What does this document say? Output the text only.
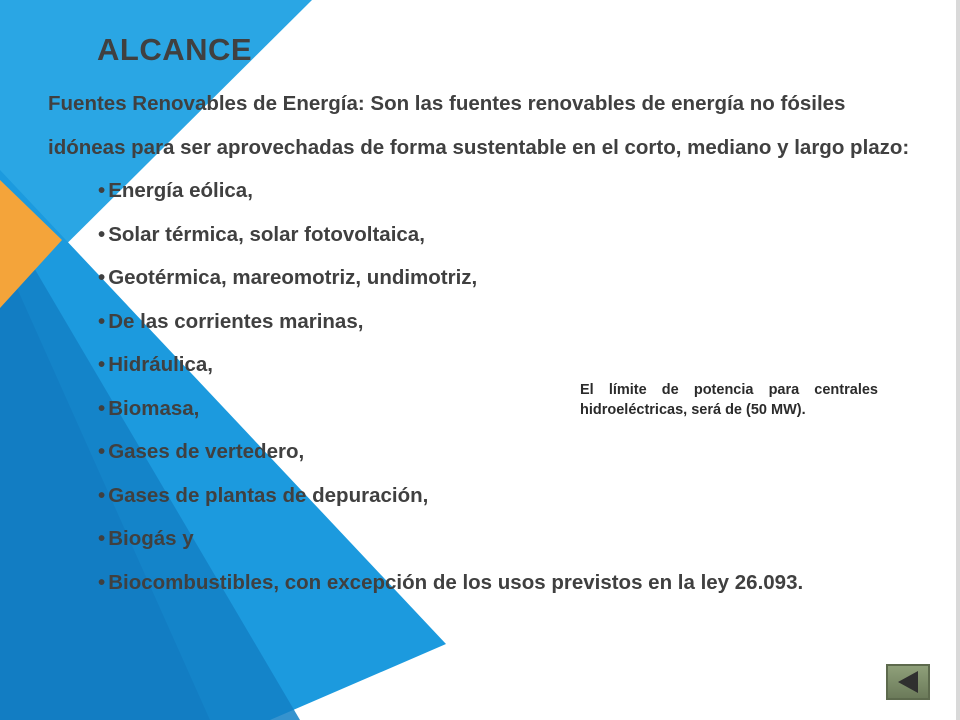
ALCANCE

Fuentes Renovables de Energía: Son las fuentes renovables de energía no fósiles idóneas para ser aprovechadas de forma sustentable en el corto, mediano y largo plazo:

• Energía eólica,
• Solar térmica, solar fotovoltaica,
• Geotérmica, mareomotriz, undimotriz,
• De las corrientes marinas,
• Hidráulica,
• Biomasa,
• Gases de vertedero,
• Gases de plantas de depuración,
• Biogás y
• Biocombustibles, con excepción de los usos previstos en la ley 26.093.
El límite de potencia para centrales hidroeléctricas, será de (50 MW).
